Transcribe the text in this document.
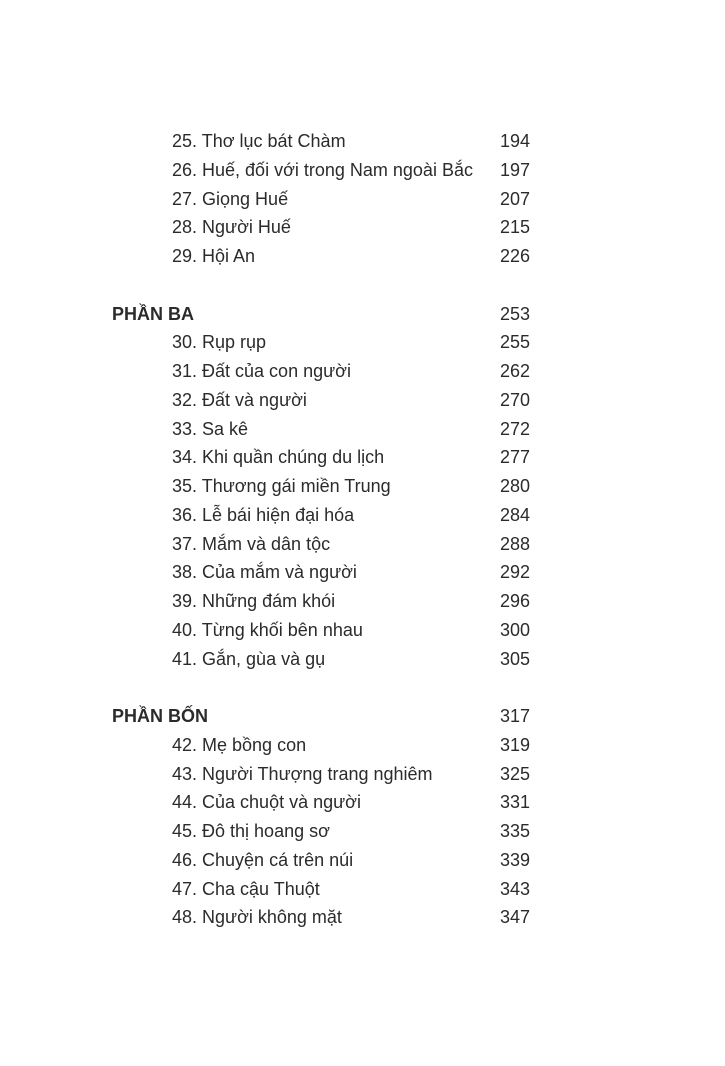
25. Thơ lục bát Chàm	194
26. Huế, đối với trong Nam ngoài Bắc 197
27. Giọng Huế	207
28. Người Huế	215
29. Hội An	226
PHẦN BA	253
30. Rụp rụp	255
31. Đất của con người	262
32. Đất và người	270
33. Sa kê	272
34. Khi quần chúng du lịch	277
35. Thương gái miền Trung	280
36. Lễ bái hiện đại hóa	284
37. Mắm và dân tộc	288
38. Của mắm và người	292
39. Những đám khói	296
40. Từng khối bên nhau	300
41. Gắn, gùa và gụ	305
PHẦN BỐN	317
42. Mẹ bồng con	319
43. Người Thượng trang nghiêm	325
44. Của chuột và người	331
45. Đô thị hoang sơ	335
46. Chuyện cá trên núi	339
47. Cha cậu Thuột	343
48. Người không mặt	347
